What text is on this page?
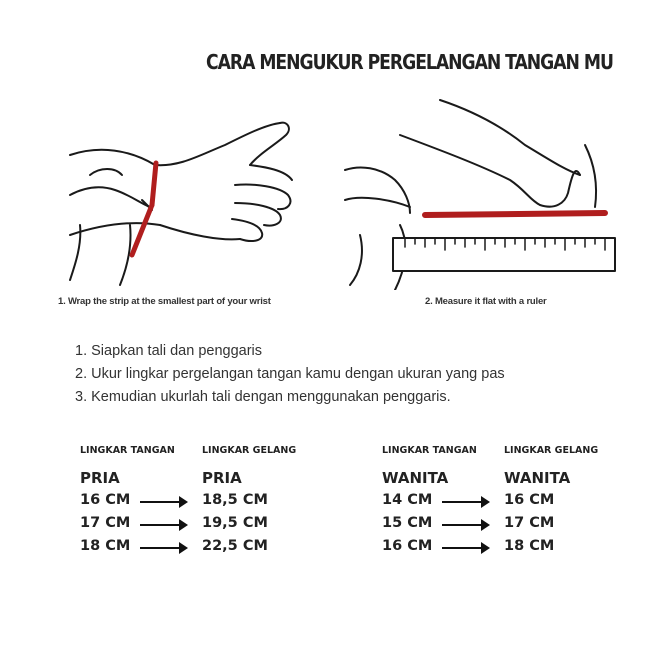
CARA MENGUKUR PERGELANGAN TANGAN MU
1. Wrap the strip at the smallest part of your wrist	2. Measure it flat with a ruler
1. Siapkan tali dan penggaris
2. Ukur lingkar pergelangan tangan kamu dengan ukuran yang pas
3. Kemudian ukurlah tali dengan menggunakan penggaris.
LINGKAR TANGAN	LINGKAR GELANG
PRIA	PRIA
16 CM	18,5 CM
17 CM	19,5 CM
18 CM	22,5 CM
LINGKAR TANGAN	LINGKAR GELANG
WANITA	WANITA
14 CM	16 CM
15 CM	17 CM
16 CM	18 CM
